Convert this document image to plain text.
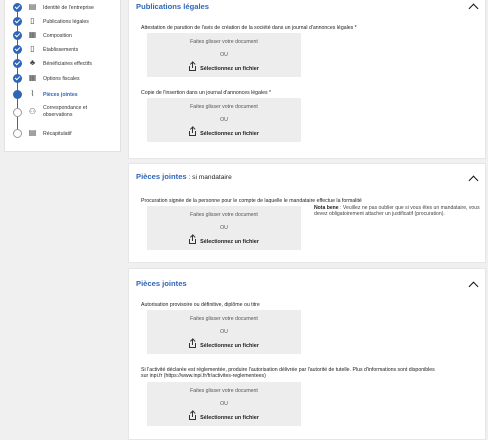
▤ Identité de l'entreprise
▯	Publications légales
▦ Composition
▯	Établissements
♣	Bénéficiaires effectifs
▦ Options fiscales
⌇	Pièces jointes
⚇ Correspondance et
observations
▤ Récapitulatif
Publications légales
Attestation de parution de l'avis de création de la société dans un journal d'annonces légales *
Faites glisser votre document
OU
Sélectionnez un fichier
Copie de l'insertion dans un journal d'annonces légales *
Faites glisser votre document
OU
Sélectionnez un fichier
Pièces jointes : si mandataire
Procuration signée de la personne pour le compte de laquelle le mandataire effectue la formalité
Faites glisser votre document
OU
Sélectionnez un fichier
Nota bene : Veuillez ne pas oublier que si vous êtes un mandataire, vous devez obligatoirement attacher un justificatif (procuration).
Pièces jointes
Autorisation provisoire ou définitive, diplôme ou titre
Faites glisser votre document
OU
Sélectionnez un fichier
Si l'activité déclarée est réglementée, produire l'autorisation délivrée par l'autorité de tutelle. Plus d'informations sont disponibles sur inpi.fr (https://www.inpi.fr/fr/activites-reglementees)
Faites glisser votre document
OU
Sélectionnez un fichier
